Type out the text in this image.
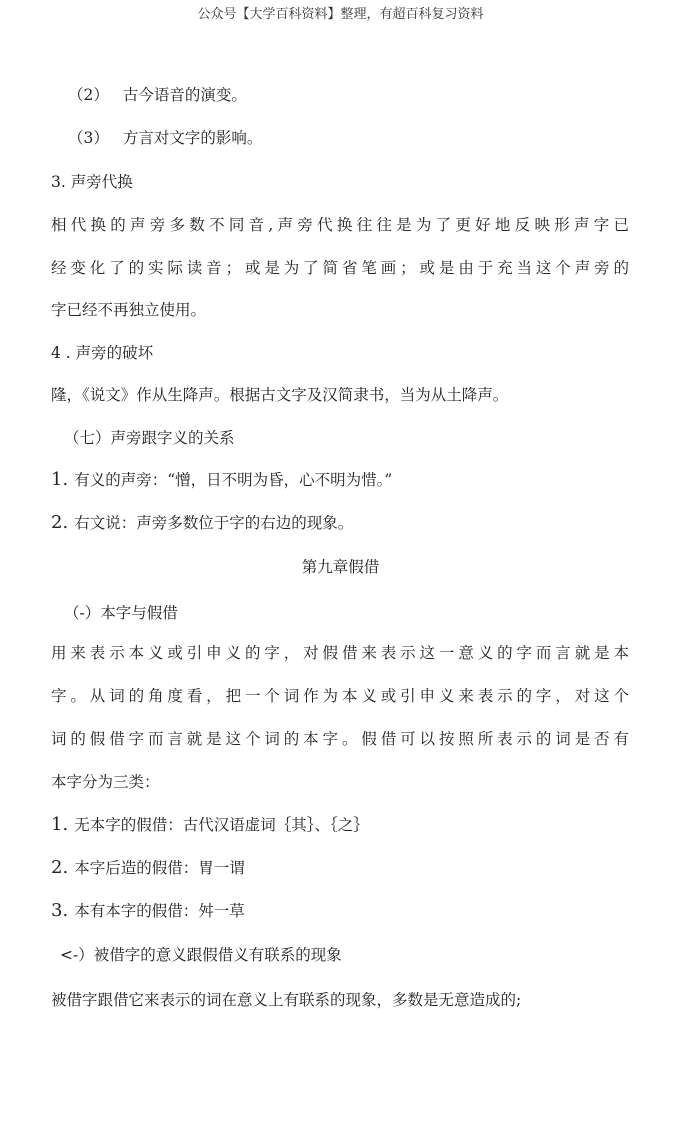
公众号【大学百科资料】整理，有超百科复习资料
（2） 古今语音的演变。
（3） 方言对文字的影响。
3. 声旁代换
相代换的声旁多数不同音,声旁代换往往是为了更好地反映形声字已
经变化了的实际读音；或是为了简省笔画；或是由于充当这个声旁的
字已经不再独立使用。
4 . 声旁的破坏
隆，《说文》作从生降声。根据古文字及汉简隶书，当为从土降声。
（七）声旁跟字义的关系
1. 有义的声旁：“憎，日不明为昏，心不明为惜。”
2. 右文说：声旁多数位于字的右边的现象。
第九章假借
（-）本字与假借
用来表示本义或引申义的字，对假借来表示这一意义的字而言就是本
字。从词的角度看，把一个词作为本义或引申义来表示的字，对这个
词的假借字而言就是这个词的本字。假借可以按照所表示的词是否有
本字分为三类：
1. 无本字的假借：古代汉语虚词｛其｝、｛之｝
2. 本字后造的假借：胃一谓
3. 本有本字的假借：舛一草
<-）被借字的意义跟假借义有联系的现象
被借字跟借它来表示的词在意义上有联系的现象，多数是无意造成的;
